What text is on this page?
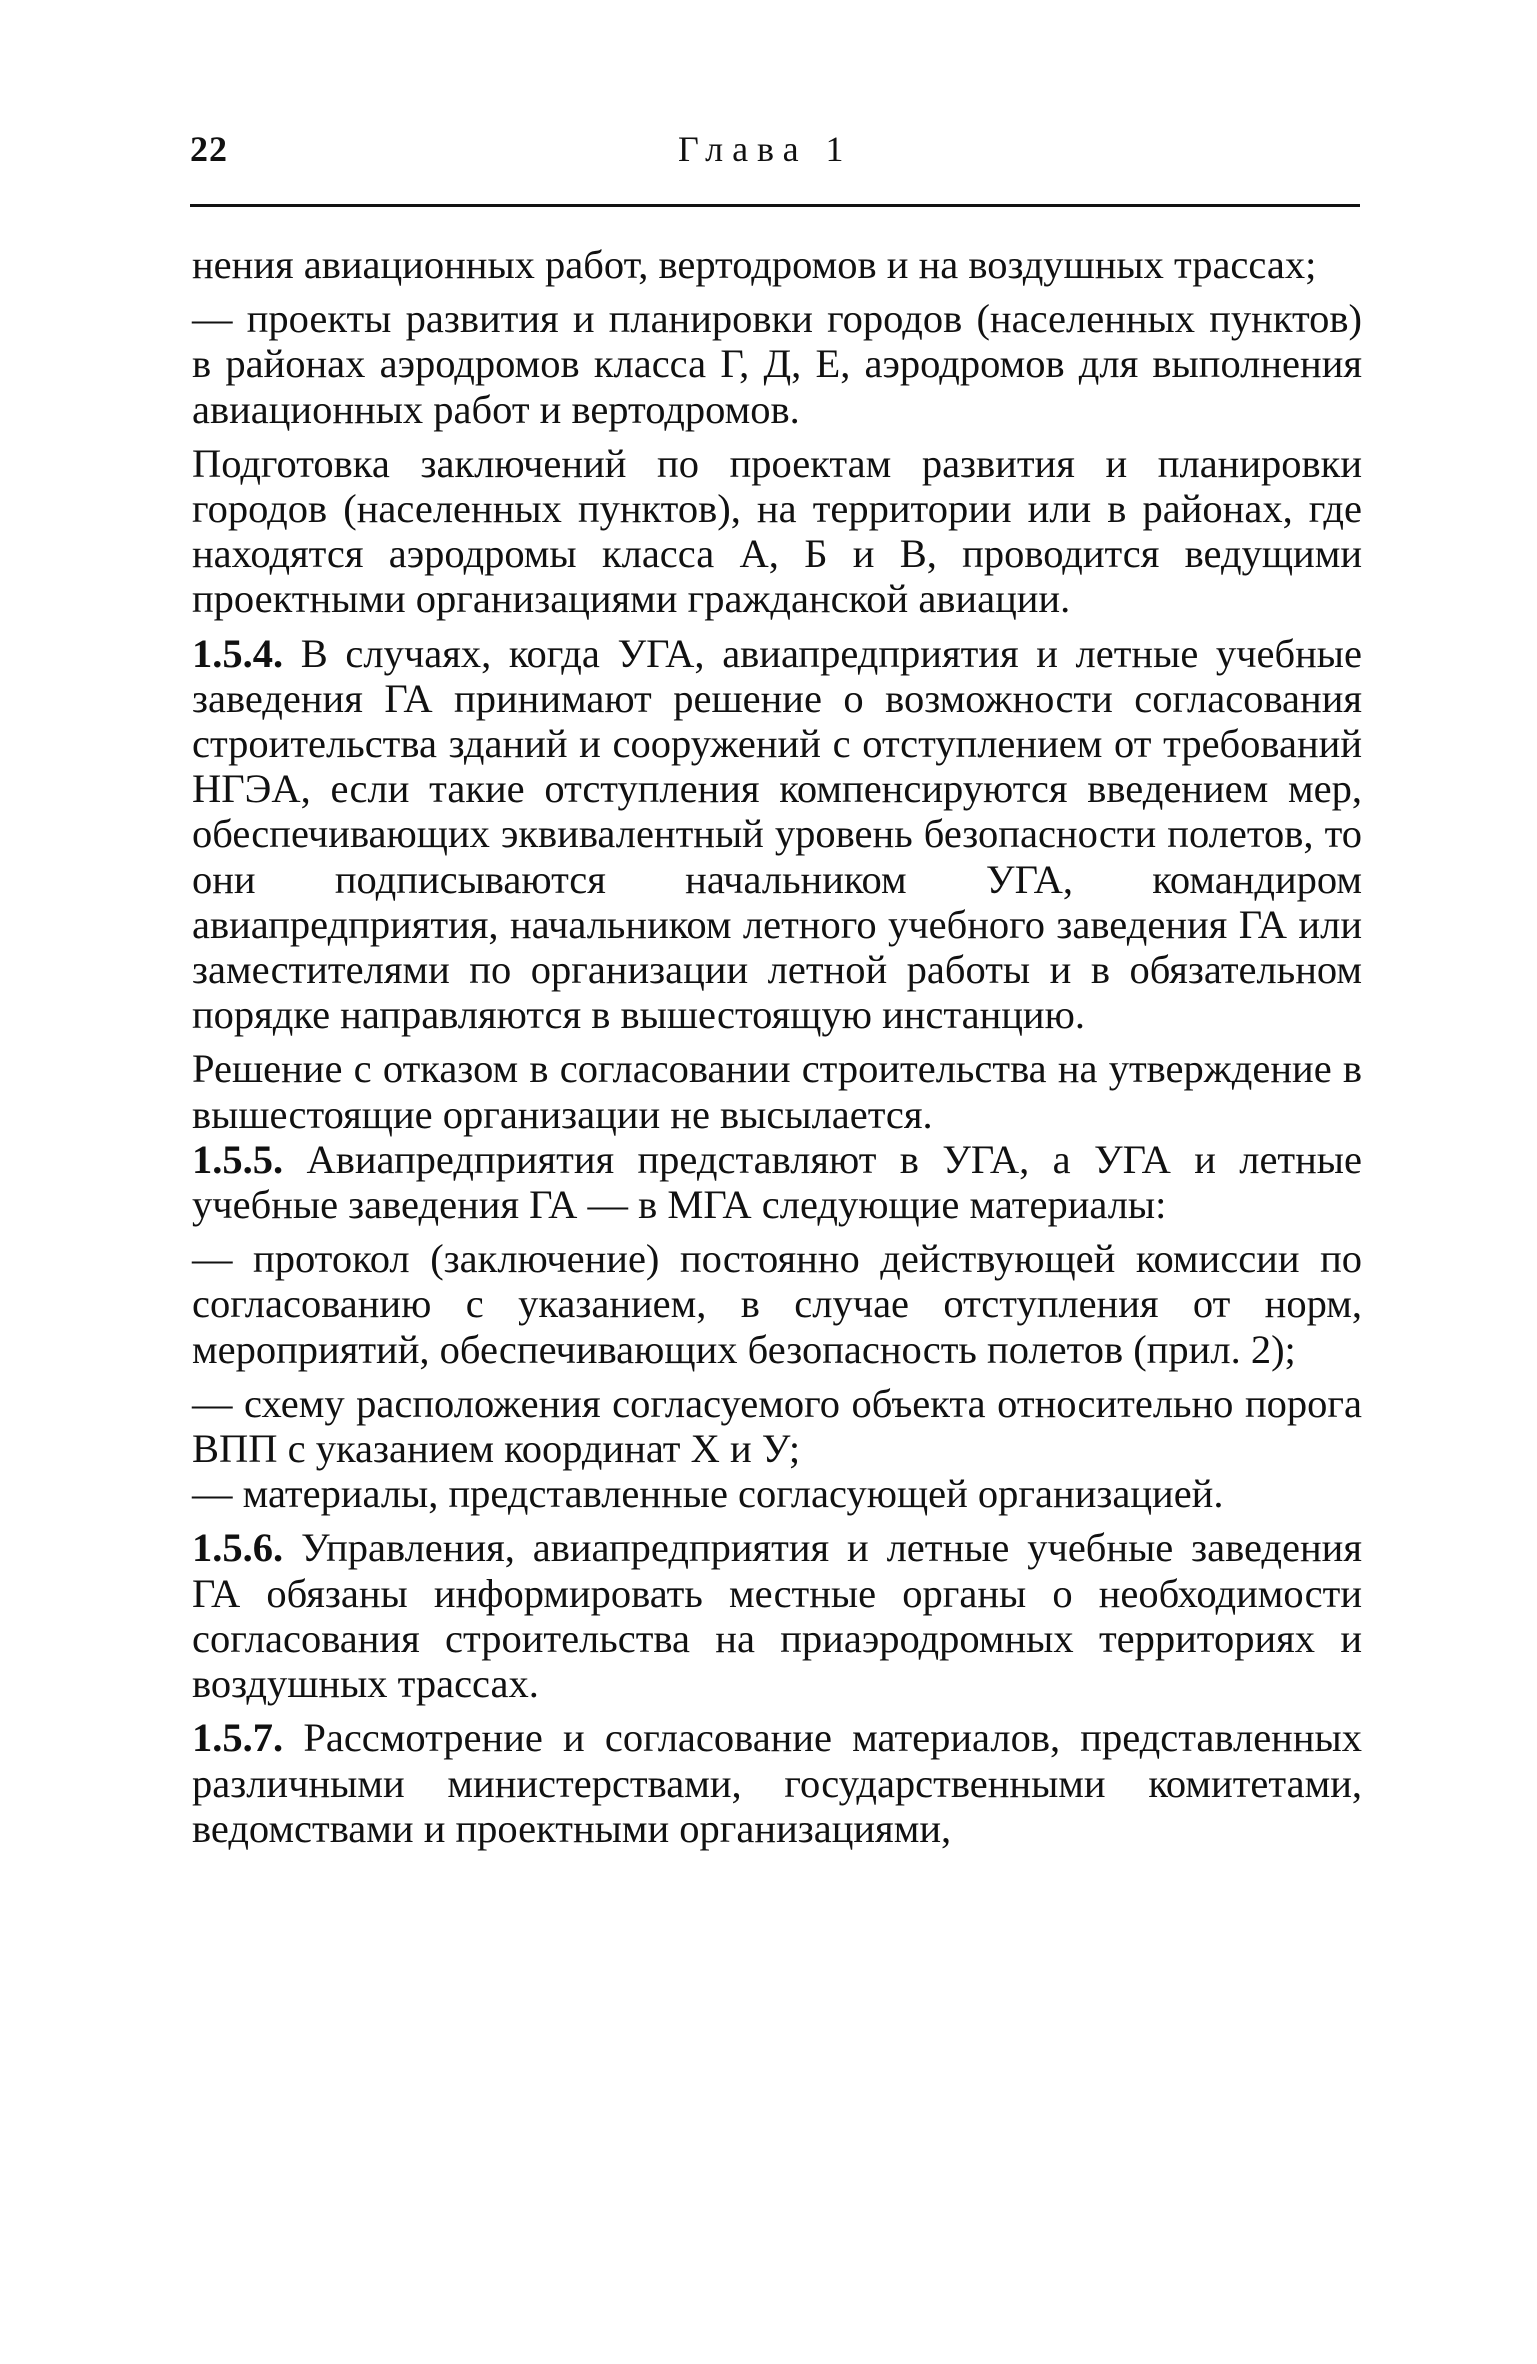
22	Глава 1

нения авиационных работ, вертодромов и на воздушных трассах;

— проекты развития и планировки городов (населенных пунктов) в районах аэродромов класса Г, Д, Е, аэродромов для выполнения авиационных работ и вертодромов.

Подготовка заключений по проектам развития и планировки городов (населенных пунктов), на территории или в районах, где находятся аэродромы класса А, Б и В, проводится ведущими проектными организациями гражданской авиации.

1.5.4. В случаях, когда УГА, авиапредприятия и летные учебные заведения ГА принимают решение о возможности согласования строительства зданий и сооружений с отступлением от требований НГЭА, если такие отступления компенсируются введением мер, обеспечивающих эквивалентный уровень безопасности полетов, то они подписываются начальником УГА, командиром авиапредприятия, начальником летного учебного заведения ГА или заместителями по организации летной работы и в обязательном порядке направляются в вышестоящую инстанцию.

Решение с отказом в согласовании строительства на утверждение в вышестоящие организации не высылается.

1.5.5. Авиапредприятия представляют в УГА, а УГА и летные учебные заведения ГА — в МГА следующие материалы:

— протокол (заключение) постоянно действующей комиссии по согласованию с указанием, в случае отступления от норм, мероприятий, обеспечивающих безопасность полетов (прил. 2);

— схему расположения согласуемого объекта относительно порога ВПП с указанием координат Х и У;

— материалы, представленные согласующей организацией.

1.5.6. Управления, авиапредприятия и летные учебные заведения ГА обязаны информировать местные органы о необходимости согласования строительства на приаэродромных территориях и воздушных трассах.

1.5.7. Рассмотрение и согласование материалов, представленных различными министерствами, государственными комитетами, ведомствами и проектными организациями,
